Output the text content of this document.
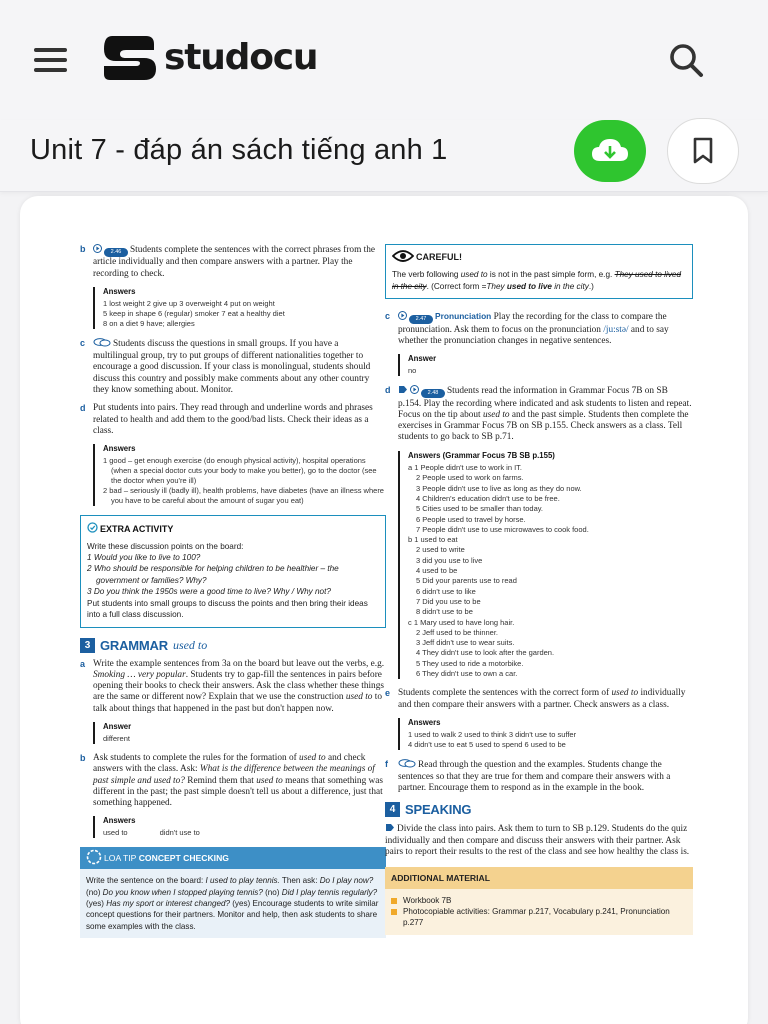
studocu
Unit 7 - đáp án sách tiếng anh 1
b	2.46 Students complete the sentences with the correct phrases from the article individually and then compare answers with a partner. Play the recording to check.
Answers
1 lost weight 2 give up 3 overweight 4 put on weight
5 keep in shape 6 (regular) smoker 7 eat a healthy diet
8 on a diet 9 have; allergies
c	Students discuss the questions in small groups. If you have a multilingual group, try to put groups of different nationalities together to encourage a good discussion. If your class is monolingual, students should discuss this country and possibly make comments about any other country they know something about. Monitor.
d Put students into pairs. They read through and underline words and phrases related to health and add them to the good/bad lists. Check their ideas as a class.
Answers
1 good – get enough exercise (do enough physical activity), hospital operations (when a special doctor cuts your body to make you better), go to the doctor (see the doctor when you're ill)
2 bad – seriously ill (badly ill), health problems, have diabetes (have an illness where you have to be careful about the amount of sugar you eat)
EXTRA ACTIVITY
Write these discussion points on the board:
1 Would you like to live to 100?
2 Who should be responsible for helping children to be healthier – the government or families? Why?
3 Do you think the 1950s were a good time to live? Why / Why not?
Put students into small groups to discuss the points and then bring their ideas into a full class discussion.
3 GRAMMAR used to
a Write the example sentences from 3a on the board but leave out the verbs, e.g. Smoking … very popular. Students try to gap-fill the sentences in pairs before opening their books to check their answers. Ask the class whether these things are the same or different now? Explain that we use the construction used to to talk about things that happened in the past but don't happen now.
Answer
different
b Ask students to complete the rules for the formation of used to and check answers with the class. Ask: What is the difference between the meanings of past simple and used to? Remind them that used to means that something was different in the past; the past simple doesn't tell us about a difference, just that something happened.
Answers
used to	didn't use to
LOA TIP
CONCEPT CHECKING
Write the sentence on the board: I used to play tennis. Then ask: Do I play now? (no) Do you know when I stopped playing tennis? (no) Did I play tennis regularly? (yes) Has my sport or interest changed? (yes) Encourage students to write similar concept questions for their partners. Monitor and help, then ask students to share some examples with the class.
CAREFUL!
The verb following used to is not in the past simple form, e.g. They used to lived in the city. (Correct form =They used to live in the city.)
c	2.47 Pronunciation Play the recording for the class to compare the pronunciation. Ask them to focus on the pronunciation /ju:stə/ and to say whether the pronunciation changes in negative sentences.
Answer
no
d	2.48 Students read the information in Grammar Focus 7B on SB p.154. Play the recording where indicated and ask students to listen and repeat. Focus on the tip about used to and the past simple. Students then complete the exercises in Grammar Focus 7B on SB p.155. Check answers as a class. Tell students to go back to SB p.71.
Answers (Grammar Focus 7B SB p.155)
a 1 People didn't use to work in IT.
2 People used to work on farms.
3 People didn't use to live as long as they do now.
4 Children's education didn't use to be free.
5 Cities used to be smaller than today.
6 People used to travel by horse.
7 People didn't use to use microwaves to cook food.
b 1 used to eat
2 used to write
3 did you use to live
4 used to be
5 Did your parents use to read
6 didn't use to like
7 Did you use to be
8 didn't use to be
c 1 Mary used to have long hair.
2 Jeff used to be thinner.
3 Jeff didn't use to wear suits.
4 They didn't use to look after the garden.
5 They used to ride a motorbike.
6 They didn't use to own a car.
e Students complete the sentences with the correct form of used to individually and then compare their answers with a partner. Check answers as a class.
Answers
1 used to walk 2 used to think 3 didn't use to suffer
4 didn't use to eat 5 used to spend 6 used to be
f	Read through the question and the examples. Students change the sentences so that they are true for them and compare their answers with a partner. Encourage them to respond as in the example in the book.
4 SPEAKING
Divide the class into pairs. Ask them to turn to SB p.129. Students do the quiz individually and then compare and discuss their answers with their partner. Ask pairs to report their results to the rest of the class and see how healthy the class is.
ADDITIONAL MATERIAL
Workbook 7B
Photocopiable activities: Grammar p.217, Vocabulary p.241, Pronunciation p.277
